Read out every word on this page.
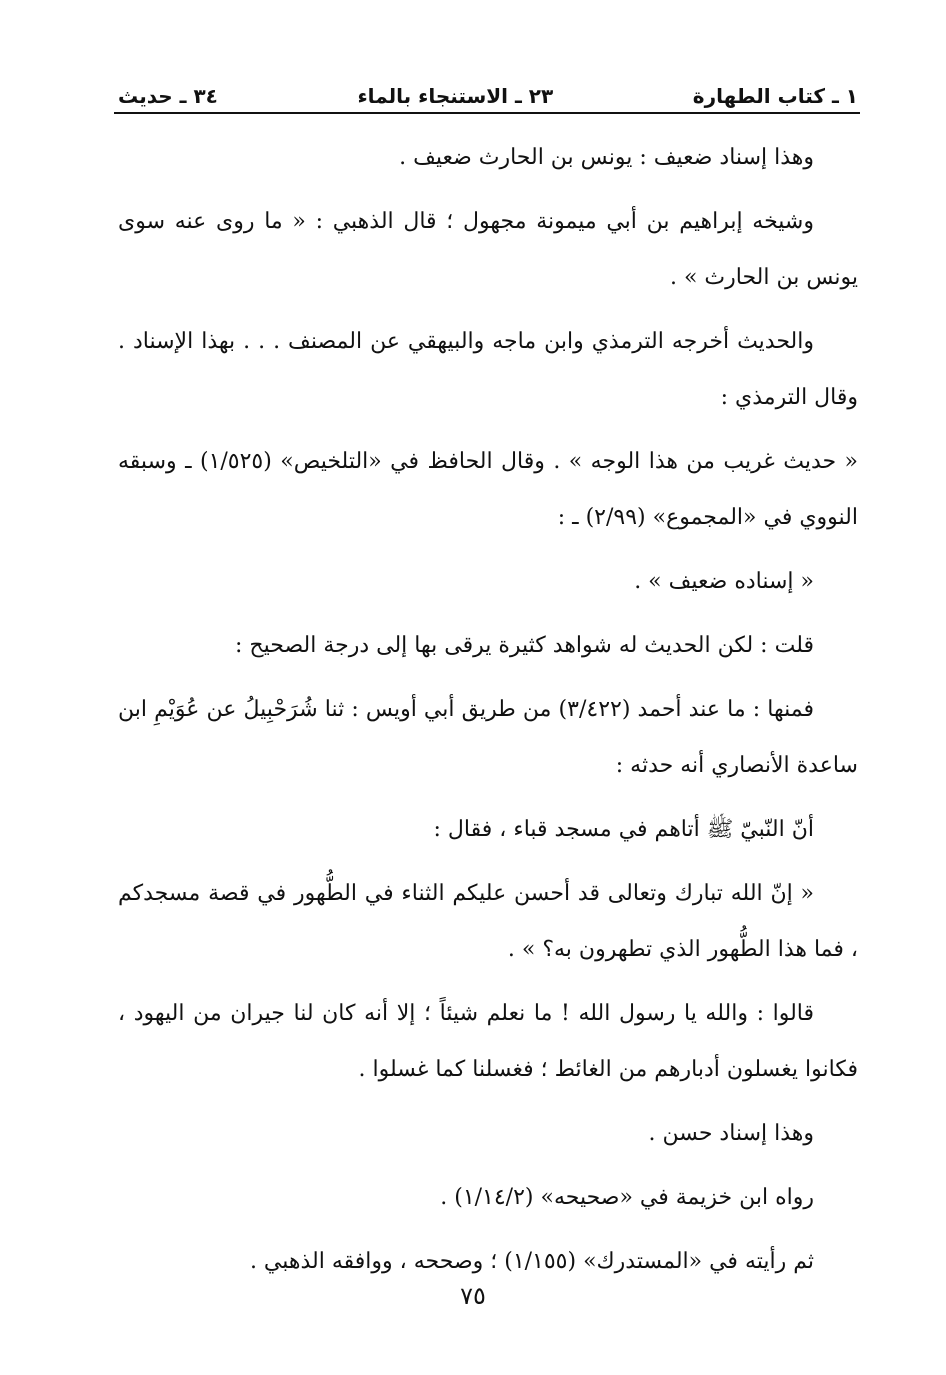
١ ـ كتاب الطهارة
٢٣ ـ الاستنجاء بالماء
٣٤ ـ حديث

وهذا إسناد ضعيف : يونس بن الحارث ضعيف .

وشيخه إبراهيم بن أبي ميمونة مجهول ؛ قال الذهبي : « ما روى عنه سوى يونس بن الحارث » .

والحديث أخرجه الترمذي وابن ماجه والبيهقي عن المصنف . . . بهذا الإسناد . وقال الترمذي :

« حديث غريب من هذا الوجه » . وقال الحافظ في «التلخيص» (١/٥٢٥) ـ وسبقه النووي في «المجموع» (٢/٩٩) ـ :

« إسناده ضعيف » .

قلت : لكن الحديث له شواهد كثيرة يرقى بها إلى درجة الصحيح :

فمنها : ما عند أحمد (٣/٤٢٢) من طريق أبي أويس : ثنا شُرَحْبِيلُ عن عُوَيْمِ ابن ساعدة الأنصاري أنه حدثه :

أنّ النّبيّ ﷺ أتاهم في مسجد قباء ، فقال :

« إنّ الله تبارك وتعالى قد أحسن عليكم الثناء في الطُّهور في قصة مسجدكم ، فما هذا الطُّهور الذي تطهرون به؟ » .

قالوا : والله يا رسول الله ! ما نعلم شيئاً ؛ إلا أنه كان لنا جيران من اليهود ، فكانوا يغسلون أدبارهم من الغائط ؛ فغسلنا كما غسلوا .

وهذا إسناد حسن .

رواه ابن خزيمة في «صحيحه» (١/١٤/٢) .

ثم رأيته في «المستدرك» (١/١٥٥) ؛ وصححه ، ووافقه الذهبي .

٧٥
